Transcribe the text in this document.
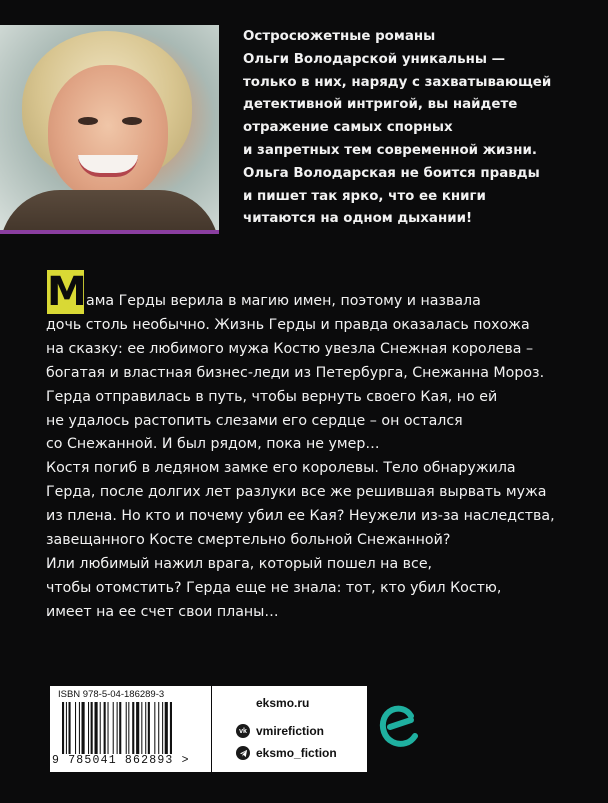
Остросюжетные романы
Ольги Володарской уникальны —
только в них, наряду с захватывающей
детективной интригой, вы найдете
отражение самых спорных
и запретных тем современной жизни.
Ольга Володарская не боится правды
и пишет так ярко, что ее книги
читаются на одном дыхании!
М ама Герды верила в магию имен, поэтому и назвала
дочь столь необычно. Жизнь Герды и правда оказалась похожа
на сказку: ее любимого мужа Костю увезла Снежная королева –
богатая и властная бизнес-леди из Петербурга, Снежанна Мороз.
Герда отправилась в путь, чтобы вернуть своего Кая, но ей
не удалось растопить слезами его сердце – он остался
со Снежанной. И был рядом, пока не умер…
Костя погиб в ледяном замке его королевы. Тело обнаружила
Герда, после долгих лет разлуки все же решившая вырвать мужа
из плена. Но кто и почему убил ее Кая? Неужели из-за наследства,
завещанного Косте смертельно больной Снежанной?
Или любимый нажил врага, который пошел на все,
чтобы отомстить? Герда еще не знала: тот, кто убил Костю,
имеет на ее счет свои планы…
ISBN 978-5-04-186289-3
9 785041 862893 >
eksmo.ru
vk vmirefiction
eksmo_fiction
